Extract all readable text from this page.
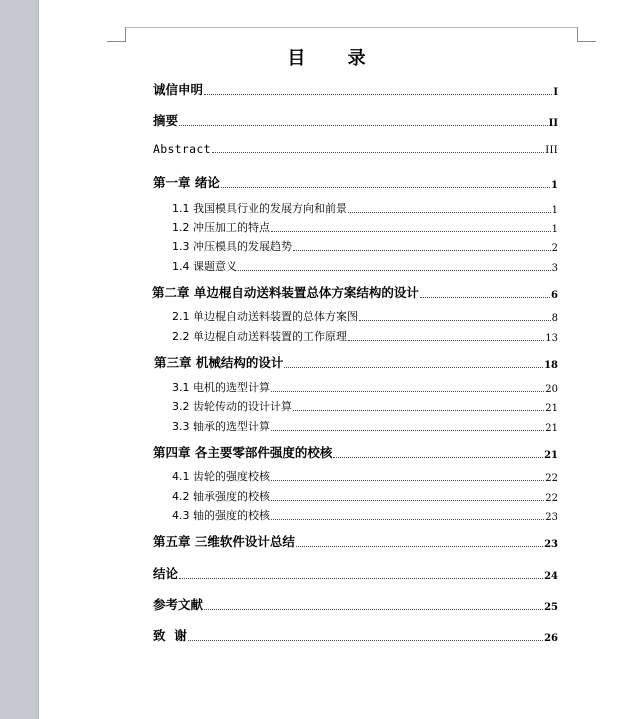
目 录
诚信申明	I
摘要	II
Abstract	III
第一章 绪论	1
1.1 我国模具行业的发展方向和前景	1
1.2 冲压加工的特点	1
1.3 冲压模具的发展趋势	2
1.4 课题意义	3
第二章 单边棍自动送料装置总体方案结构的设计	6
2.1 单边棍自动送料装置的总体方案图	8
2.2 单边棍自动送料装置的工作原理	13
第三章 机械结构的设计	18
3.1 电机的选型计算	20
3.2 齿轮传动的设计计算	21
3.3 轴承的选型计算	21
第四章 各主要零部件强度的校核	21
4.1 齿轮的强度校核	22
4.2 轴承强度的校核	22
4.3 轴的强度的校核	23
第五章 三维软件设计总结	23
结论	24
参考文献	25
致  谢	26
